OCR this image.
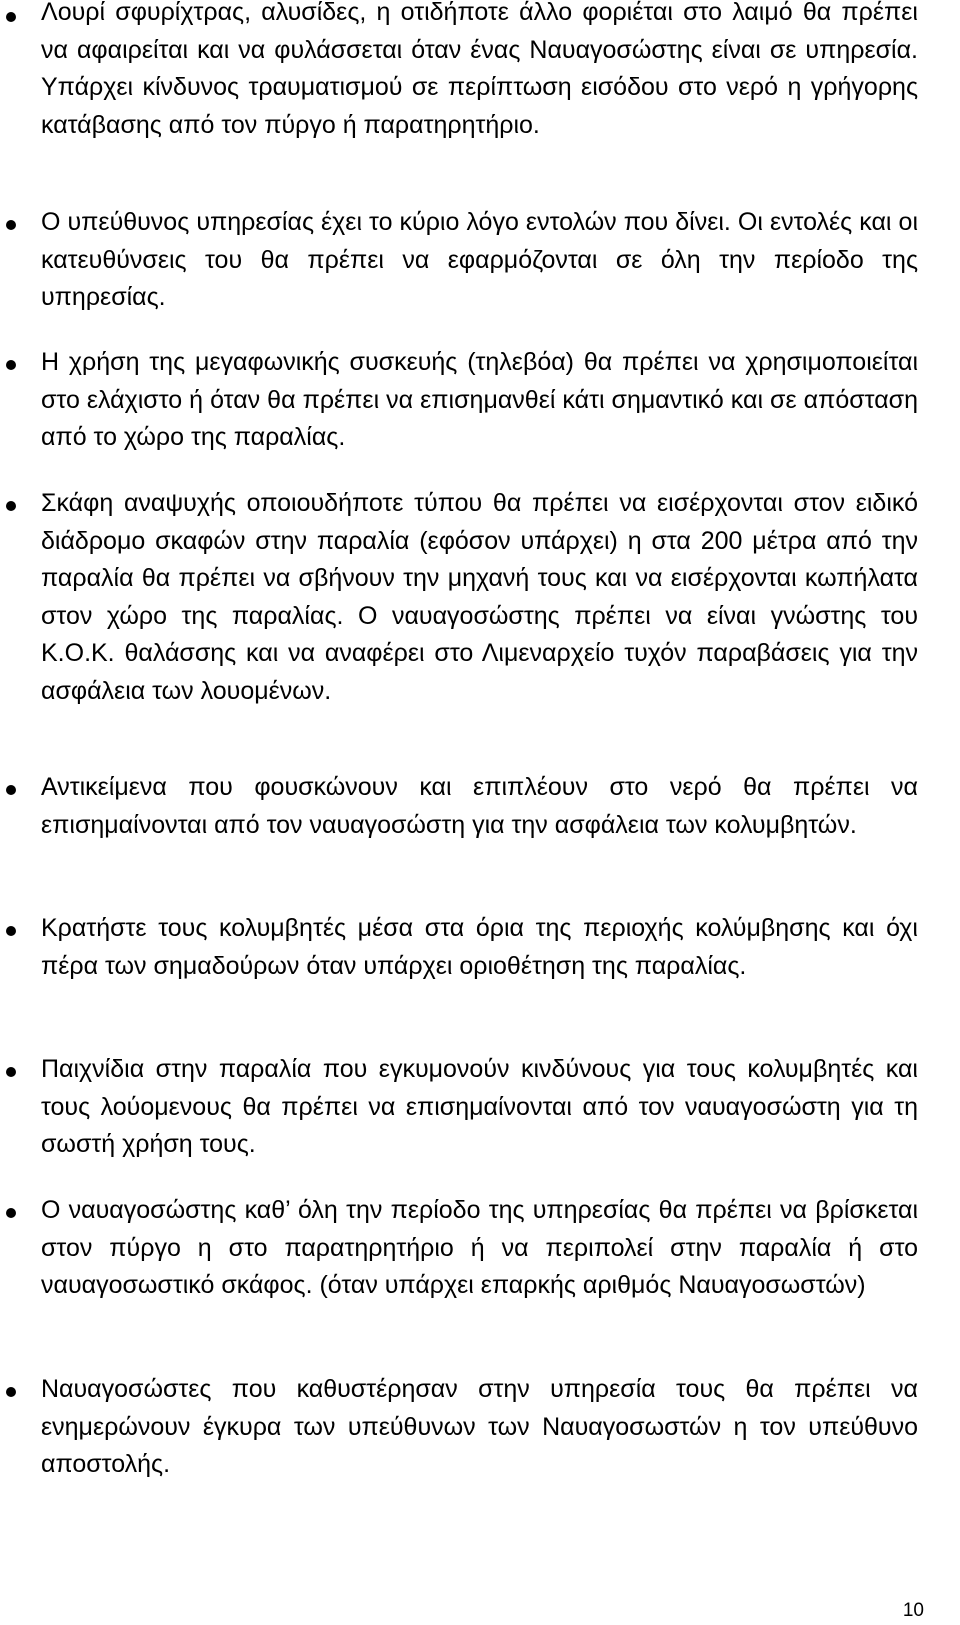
Λουρί σφυρίχτρας, αλυσίδες, η οτιδήποτε άλλο φοριέται στο λαιμό θα πρέπει να αφαιρείται και να φυλάσσεται όταν ένας Ναυαγοσώστης είναι σε υπηρεσία. Υπάρχει κίνδυνος τραυματισμού σε περίπτωση εισόδου στο νερό η γρήγορης κατάβασης από τον πύργο ή παρατηρητήριο.

Ο υπεύθυνος υπηρεσίας έχει το κύριο λόγο εντολών που δίνει. Οι εντολές και οι κατευθύνσεις του θα πρέπει να εφαρμόζονται σε όλη την περίοδο της υπηρεσίας.

Η χρήση της μεγαφωνικής συσκευής (τηλεβόα) θα πρέπει να χρησιμοποιείται στο ελάχιστο ή όταν θα πρέπει να επισημανθεί κάτι σημαντικό και σε απόσταση από το χώρο της παραλίας.

Σκάφη αναψυχής οποιουδήποτε τύπου θα πρέπει να εισέρχονται στον ειδικό διάδρομο σκαφών στην παραλία (εφόσον υπάρχει) η στα 200 μέτρα από την παραλία θα πρέπει να σβήνουν την μηχανή τους και να εισέρχονται κωπήλατα στον χώρο της παραλίας. Ο ναυαγοσώστης πρέπει να είναι γνώστης του Κ.Ο.Κ. θαλάσσης και να αναφέρει στο Λιμεναρχείο τυχόν παραβάσεις για την ασφάλεια των λουομένων.

Αντικείμενα που φουσκώνουν και επιπλέουν στο νερό θα πρέπει να επισημαίνονται από τον ναυαγοσώστη για την ασφάλεια των κολυμβητών.

Κρατήστε τους κολυμβητές μέσα στα όρια της περιοχής κολύμβησης και όχι πέρα των σημαδούρων όταν υπάρχει οριοθέτηση της παραλίας.

Παιχνίδια στην παραλία που εγκυμονούν κινδύνους για τους κολυμβητές και τους λούομενους θα πρέπει να επισημαίνονται από τον ναυαγοσώστη για τη σωστή χρήση τους.

Ο ναυαγοσώστης καθ’ όλη την περίοδο της υπηρεσίας θα πρέπει να βρίσκεται στον πύργο η στο παρατηρητήριο ή να περιπολεί στην παραλία ή στο ναυαγοσωστικό σκάφος. (όταν υπάρχει επαρκής αριθμός Ναυαγοσωστών)

Ναυαγοσώστες που καθυστέρησαν στην υπηρεσία τους θα πρέπει να ενημερώνουν έγκυρα των υπεύθυνων των Ναυαγοσωστών η τον υπεύθυνο αποστολής.

10
